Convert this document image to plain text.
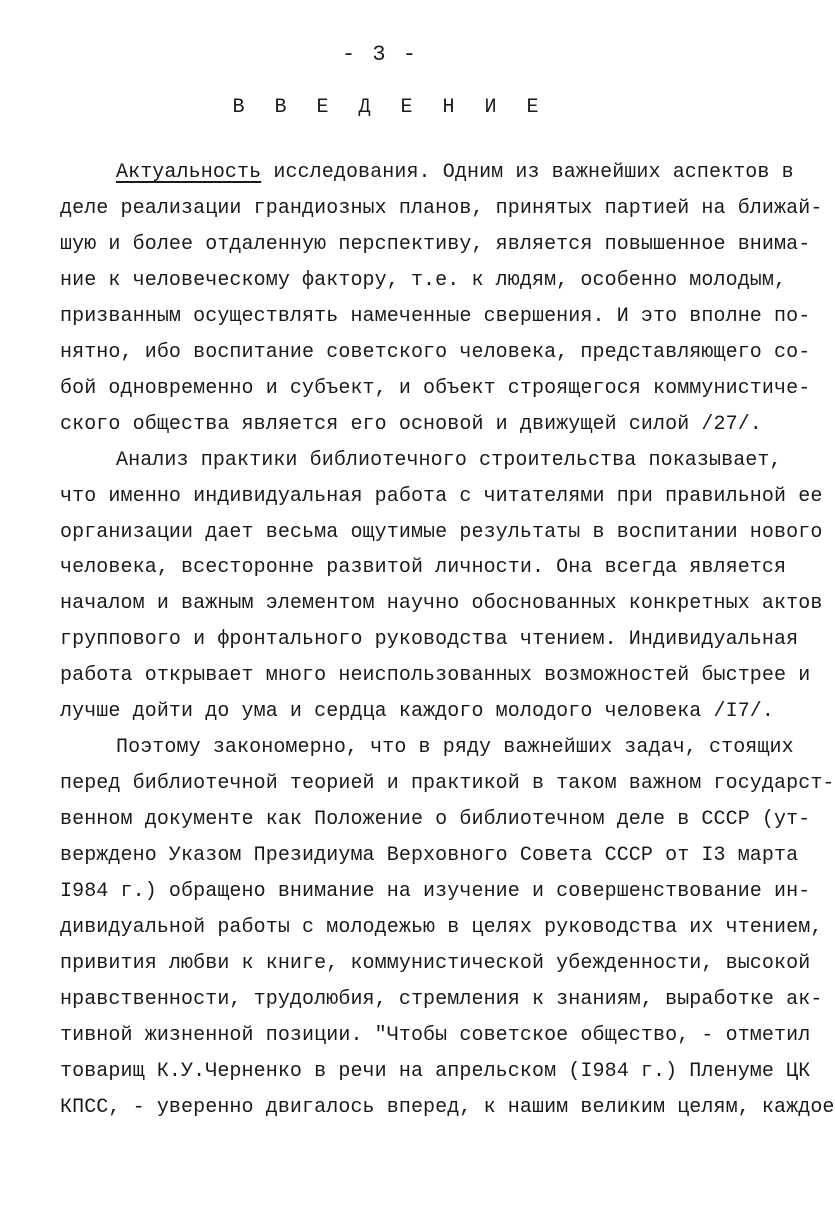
- 3 -
В В Е Д Е Н И Е
Актуальность исследования. Одним из важнейших аспектов в
деле реализации грандиозных планов, принятых партией на ближай-
шую и более отдаленную перспективу, является повышенное внима-
ние к человеческому фактору, т.е. к людям, особенно молодым,
призванным осуществлять намеченные свершения. И это вполне по-
нятно, ибо воспитание советского человека, представляющего со-
бой одновременно и субъект, и объект строящегося коммунистиче-
ского общества является его основой и движущей силой /27/.
Анализ практики библиотечного строительства показывает,
что именно индивидуальная работа с читателями при правильной ее
организации дает весьма ощутимые результаты в воспитании нового
человека, всесторонне развитой личности. Она всегда является
началом и важным элементом научно обоснованных конкретных актов
группового и фронтального руководства чтением. Индивидуальная
работа открывает много неиспользованных возможностей быстрее и
лучше дойти до ума и сердца каждого молодого человека /I7/.
Поэтому закономерно, что в ряду важнейших задач, стоящих
перед библиотечной теорией и практикой в таком важном государст-
венном документе как Положение о библиотечном деле в СССР (ут-
верждено Указом Президиума Верховного Совета СССР от I3 марта
I984 г.) обращено внимание на изучение и совершенствование ин-
дивидуальной работы с молодежью в целях руководства их чтением,
привития любви к книге, коммунистической убежденности, высокой
нравственности, трудолюбия, стремления к знаниям, выработке ак-
тивной жизненной позиции. "Чтобы советское общество, - отметил
товарищ К.У.Черненко в речи на апрельском (I984 г.) Пленуме ЦК
КПСС, - уверенно двигалось вперед, к нашим великим целям, каждое
